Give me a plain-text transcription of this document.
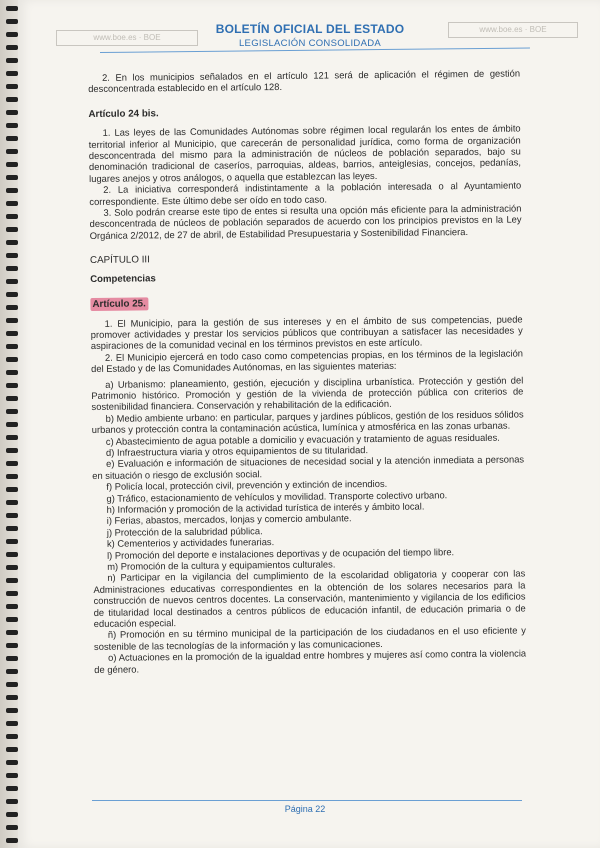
www.boe.es · BOE
www.boe.es · BOE
BOLETÍN OFICIAL DEL ESTADO
LEGISLACIÓN CONSOLIDADA

2. En los municipios señalados en el artículo 121 será de aplicación el régimen de gestión desconcentrada establecido en el artículo 128.

Artículo 24 bis.

1. Las leyes de las Comunidades Autónomas sobre régimen local regularán los entes de ámbito territorial inferior al Municipio, que carecerán de personalidad jurídica, como forma de organización desconcentrada del mismo para la administración de núcleos de población separados, bajo su denominación tradicional de caseríos, parroquias, aldeas, barrios, anteiglesias, concejos, pedanías, lugares anejos y otros análogos, o aquella que establezcan las leyes.

2. La iniciativa corresponderá indistintamente a la población interesada o al Ayuntamiento correspondiente. Este último debe ser oído en todo caso.

3. Solo podrán crearse este tipo de entes si resulta una opción más eficiente para la administración desconcentrada de núcleos de población separados de acuerdo con los principios previstos en la Ley Orgánica 2/2012, de 27 de abril, de Estabilidad Presupuestaria y Sostenibilidad Financiera.

CAPÍTULO III

Competencias

Artículo 25.

1. El Municipio, para la gestión de sus intereses y en el ámbito de sus competencias, puede promover actividades y prestar los servicios públicos que contribuyan a satisfacer las necesidades y aspiraciones de la comunidad vecinal en los términos previstos en este artículo.

2. El Municipio ejercerá en todo caso como competencias propias, en los términos de la legislación del Estado y de las Comunidades Autónomas, en las siguientes materias:

a) Urbanismo: planeamiento, gestión, ejecución y disciplina urbanística. Protección y gestión del Patrimonio histórico. Promoción y gestión de la vivienda de protección pública con criterios de sostenibilidad financiera. Conservación y rehabilitación de la edificación.

b) Medio ambiente urbano: en particular, parques y jardines públicos, gestión de los residuos sólidos urbanos y protección contra la contaminación acústica, lumínica y atmosférica en las zonas urbanas.

c) Abastecimiento de agua potable a domicilio y evacuación y tratamiento de aguas residuales.

d) Infraestructura viaria y otros equipamientos de su titularidad.

e) Evaluación e información de situaciones de necesidad social y la atención inmediata a personas en situación o riesgo de exclusión social.

f) Policía local, protección civil, prevención y extinción de incendios.

g) Tráfico, estacionamiento de vehículos y movilidad. Transporte colectivo urbano.

h) Información y promoción de la actividad turística de interés y ámbito local.

i) Ferias, abastos, mercados, lonjas y comercio ambulante.

j) Protección de la salubridad pública.

k) Cementerios y actividades funerarias.

l) Promoción del deporte e instalaciones deportivas y de ocupación del tiempo libre.

m) Promoción de la cultura y equipamientos culturales.

n) Participar en la vigilancia del cumplimiento de la escolaridad obligatoria y cooperar con las Administraciones educativas correspondientes en la obtención de los solares necesarios para la construcción de nuevos centros docentes. La conservación, mantenimiento y vigilancia de los edificios de titularidad local destinados a centros públicos de educación infantil, de educación primaria o de educación especial.

ñ) Promoción en su término municipal de la participación de los ciudadanos en el uso eficiente y sostenible de las tecnologías de la información y las comunicaciones.

o) Actuaciones en la promoción de la igualdad entre hombres y mujeres así como contra la violencia de género.

Página 22
